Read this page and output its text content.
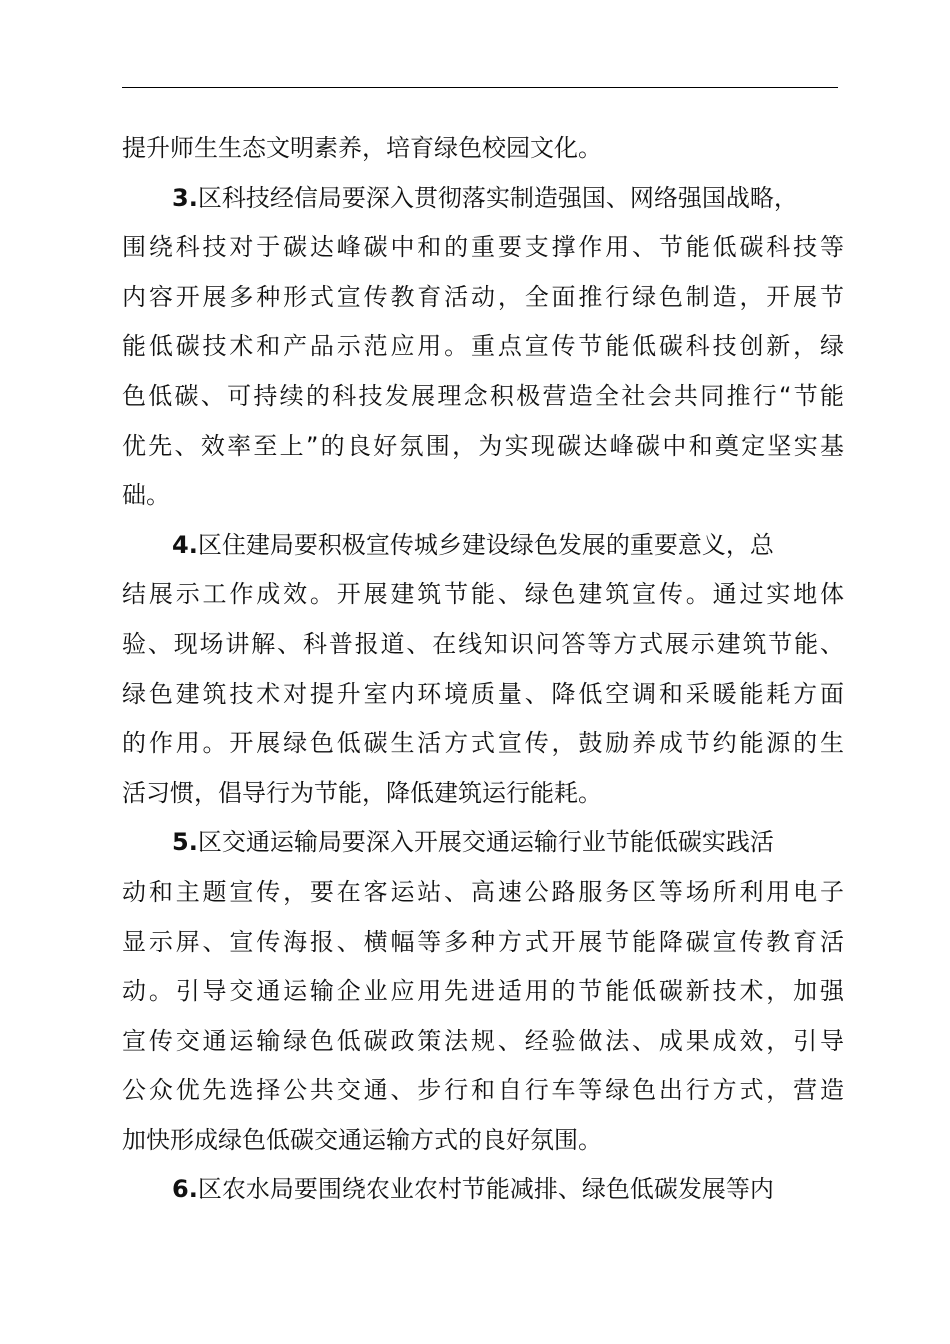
提升师生生态文明素养，培育绿色校园文化。
3.区科技经信局要深入贯彻落实制造强国、网络强国战略，
围绕科技对于碳达峰碳中和的重要支撑作用、节能低碳科技等
内容开展多种形式宣传教育活动，全面推行绿色制造，开展节
能低碳技术和产品示范应用。重点宣传节能低碳科技创新，绿
色低碳、可持续的科技发展理念积极营造全社会共同推行“节能
优先、效率至上”的良好氛围，为实现碳达峰碳中和奠定坚实基
础。
4.区住建局要积极宣传城乡建设绿色发展的重要意义，总
结展示工作成效。开展建筑节能、绿色建筑宣传。通过实地体
验、现场讲解、科普报道、在线知识问答等方式展示建筑节能、
绿色建筑技术对提升室内环境质量、降低空调和采暖能耗方面
的作用。开展绿色低碳生活方式宣传，鼓励养成节约能源的生
活习惯，倡导行为节能，降低建筑运行能耗。
5.区交通运输局要深入开展交通运输行业节能低碳实践活
动和主题宣传，要在客运站、高速公路服务区等场所利用电子
显示屏、宣传海报、横幅等多种方式开展节能降碳宣传教育活
动。引导交通运输企业应用先进适用的节能低碳新技术，加强
宣传交通运输绿色低碳政策法规、经验做法、成果成效，引导
公众优先选择公共交通、步行和自行车等绿色出行方式，营造
加快形成绿色低碳交通运输方式的良好氛围。
6.区农水局要围绕农业农村节能减排、绿色低碳发展等内
